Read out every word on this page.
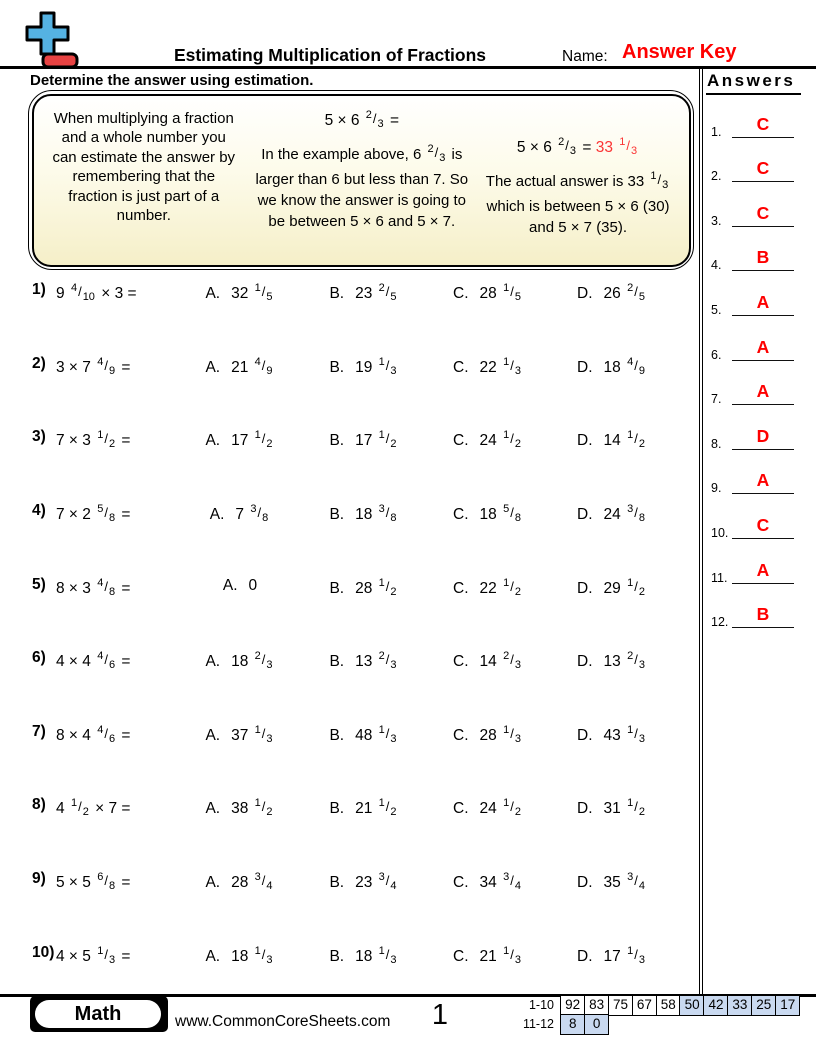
Estimating Multiplication of Fractions	Name: Answer Key
Determine the answer using estimation.
When multiplying a fraction and a whole number you can estimate the answer by remembering that the fraction is just part of a number.
5 × 6 $^2$/3 =
In the example above, 6 $^2$/3 is larger than 6 but less than 7. So we know the answer is going to be between 5 × 6 and 5 × 7.
5 × 6 $^2$/3 = 33 $^1$/3
The actual answer is 33 $^1$/3 which is between 5 × 6 (30) and 5 × 7 (35).
1) 9 $^4$/10 × 3 =	A. 32 $^1$/5	B. 23 $^2$/5	C. 28 $^1$/5	D. 26 $^2$/5
2) 3 × 7 $^4$/9 =	A. 21 $^4$/9	B. 19 $^1$/3	C. 22 $^1$/3	D. 18 $^4$/9
3) 7 × 3 $^1$/2 =	A. 17 $^1$/2	B. 17 $^1$/2	C. 24 $^1$/2	D. 14 $^1$/2
4) 7 × 2 $^5$/8 =	A. 7 $^3$/8	B. 18 $^3$/8	C. 18 $^5$/8	D. 24 $^3$/8
5) 8 × 3 $^4$/8 =	A. 0	B. 28 $^1$/2	C. 22 $^1$/2	D. 29 $^1$/2
6) 4 × 4 $^4$/6 =	A. 18 $^2$/3	B. 13 $^2$/3	C. 14 $^2$/3	D. 13 $^2$/3
7) 8 × 4 $^4$/6 =	A. 37 $^1$/3	B. 48 $^1$/3	C. 28 $^1$/3	D. 43 $^1$/3
8) 4 $^1$/2 × 7 =	A. 38 $^1$/2	B. 21 $^1$/2	C. 24 $^1$/2	D. 31 $^1$/2
9) 5 × 5 $^6$/8 =	A. 28 $^3$/4	B. 23 $^3$/4	C. 34 $^3$/4	D. 35 $^3$/4
10) 4 × 5 $^1$/3 =	A. 18 $^1$/3	B. 18 $^1$/3	C. 21 $^1$/3	D. 17 $^1$/3
Answers
1.	C
2.	C
3.	C
4.	B
5.	A
6.	A
7.	A
8.	D
9.	A
10.	C
11.	A
12.	B
Math	www.CommonCoreSheets.com	1	1-10 92 83 75 67 58 50 42 33 25 17
11-12	8	0
